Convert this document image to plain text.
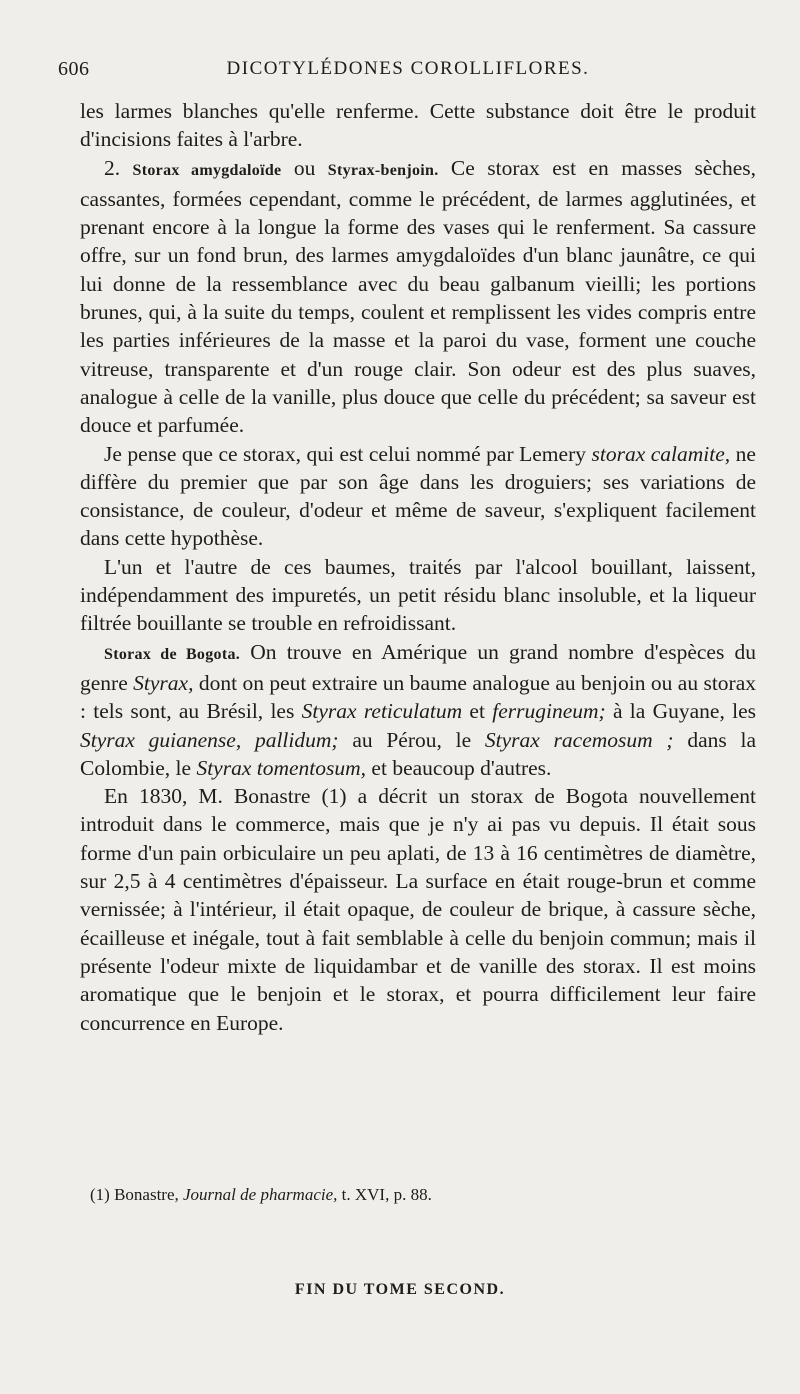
606	DICOTYLÉDONES COROLLIFLORES.

les larmes blanches qu'elle renferme. Cette substance doit être le produit d'incisions faites à l'arbre.

2. Storax amygdaloïde ou Styrax-benjoin. Ce storax est en masses sèches, cassantes, formées cependant, comme le précédent, de larmes agglutinées, et prenant encore à la longue la forme des vases qui le renferment. Sa cassure offre, sur un fond brun, des larmes amygdaloïdes d'un blanc jaunâtre, ce qui lui donne de la ressemblance avec du beau galbanum vieilli; les portions brunes, qui, à la suite du temps, coulent et remplissent les vides compris entre les parties inférieures de la masse et la paroi du vase, forment une couche vitreuse, transparente et d'un rouge clair. Son odeur est des plus suaves, analogue à celle de la vanille, plus douce que celle du précédent; sa saveur est douce et parfumée.

Je pense que ce storax, qui est celui nommé par Lemery storax calamite, ne diffère du premier que par son âge dans les droguiers; ses variations de consistance, de couleur, d'odeur et même de saveur, s'expliquent facilement dans cette hypothèse.

L'un et l'autre de ces baumes, traités par l'alcool bouillant, laissent, indépendamment des impuretés, un petit résidu blanc insoluble, et la liqueur filtrée bouillante se trouble en refroidissant.

Storax de Bogota. On trouve en Amérique un grand nombre d'espèces du genre Styrax, dont on peut extraire un baume analogue au benjoin ou au storax : tels sont, au Brésil, les Styrax reticulatum et ferrugineum; à la Guyane, les Styrax guianense, pallidum; au Pérou, le Styrax racemosum ; dans la Colombie, le Styrax tomentosum, et beaucoup d'autres.

En 1830, M. Bonastre (1) a décrit un storax de Bogota nouvellement introduit dans le commerce, mais que je n'y ai pas vu depuis. Il était sous forme d'un pain orbiculaire un peu aplati, de 13 à 16 centimètres de diamètre, sur 2,5 à 4 centimètres d'épaisseur. La surface en était rouge-brun et comme vernissée; à l'intérieur, il était opaque, de couleur de brique, à cassure sèche, écailleuse et inégale, tout à fait semblable à celle du benjoin commun; mais il présente l'odeur mixte de liquidambar et de vanille des storax. Il est moins aromatique que le benjoin et le storax, et pourra difficilement leur faire concurrence en Europe.

(1) Bonastre, Journal de pharmacie, t. XVI, p. 88.
FIN DU TOME SECOND.
